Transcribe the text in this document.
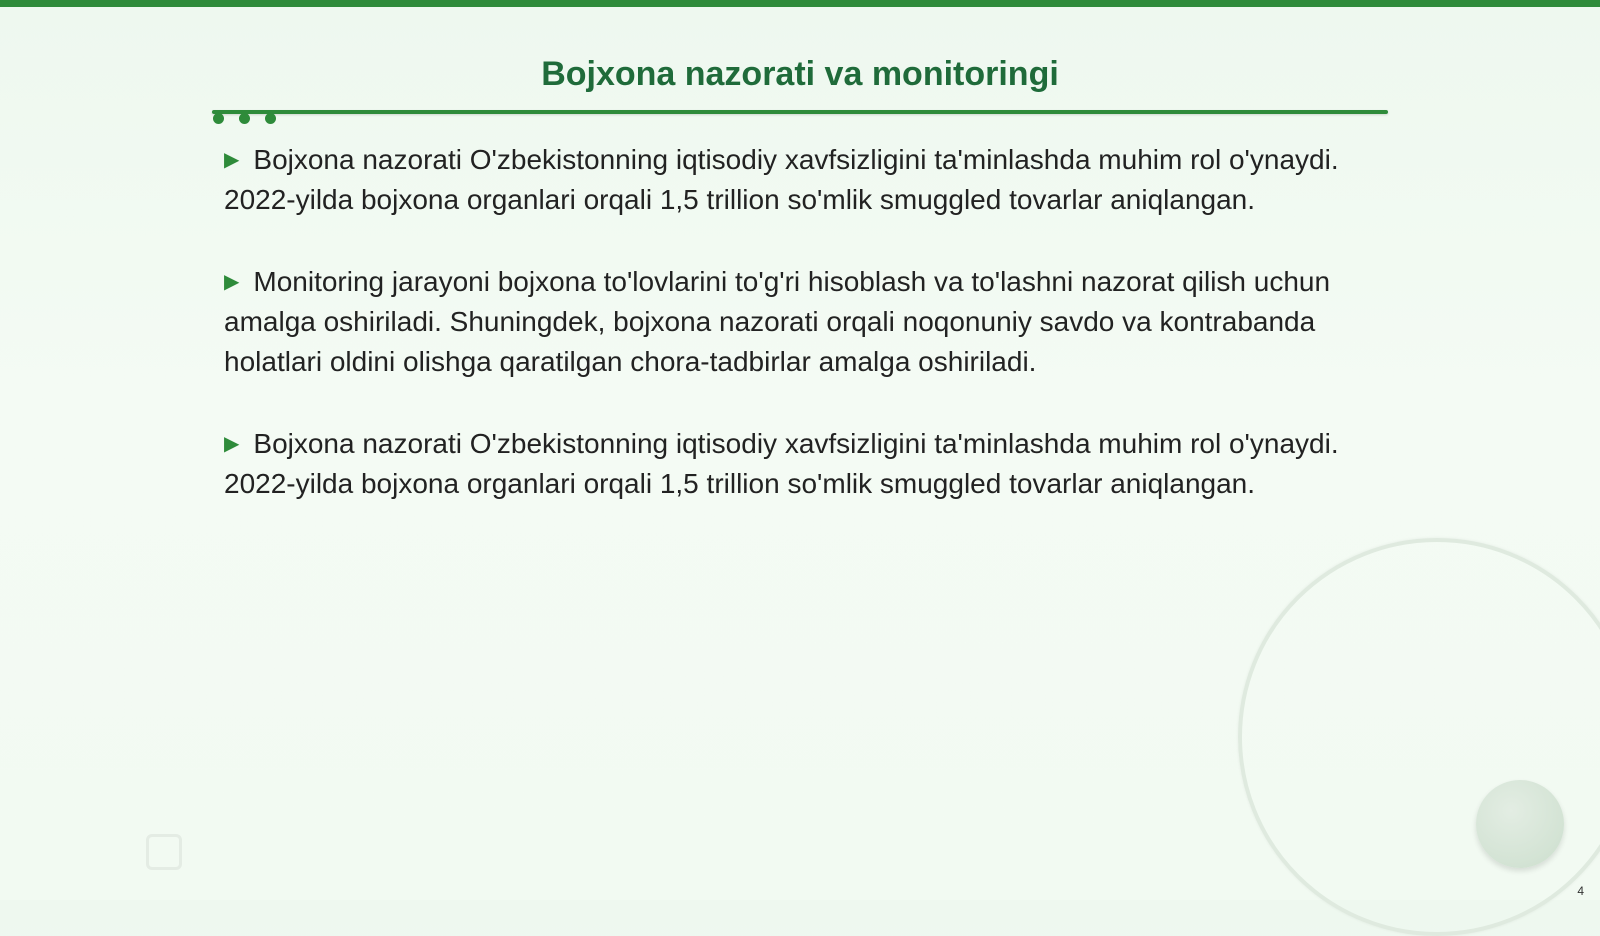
Bojxona nazorati va monitoringi
▶ Bojxona nazorati O'zbekistonning iqtisodiy xavfsizligini ta'minlashda muhim rol o'ynaydi. 2022-yilda bojxona organlari orqali 1,5 trillion so'mlik smuggled tovarlar aniqlangan.
▶ Monitoring jarayoni bojxona to'lovlarini to'g'ri hisoblash va to'lashni nazorat qilish uchun amalga oshiriladi. Shuningdek, bojxona nazorati orqali noqonuniy savdo va kontrabanda holatlari oldini olishga qaratilgan chora-tadbirlar amalga oshiriladi.
▶ Bojxona nazorati O'zbekistonning iqtisodiy xavfsizligini ta'minlashda muhim rol o'ynaydi. 2022-yilda bojxona organlari orqali 1,5 trillion so'mlik smuggled tovarlar aniqlangan.
4
